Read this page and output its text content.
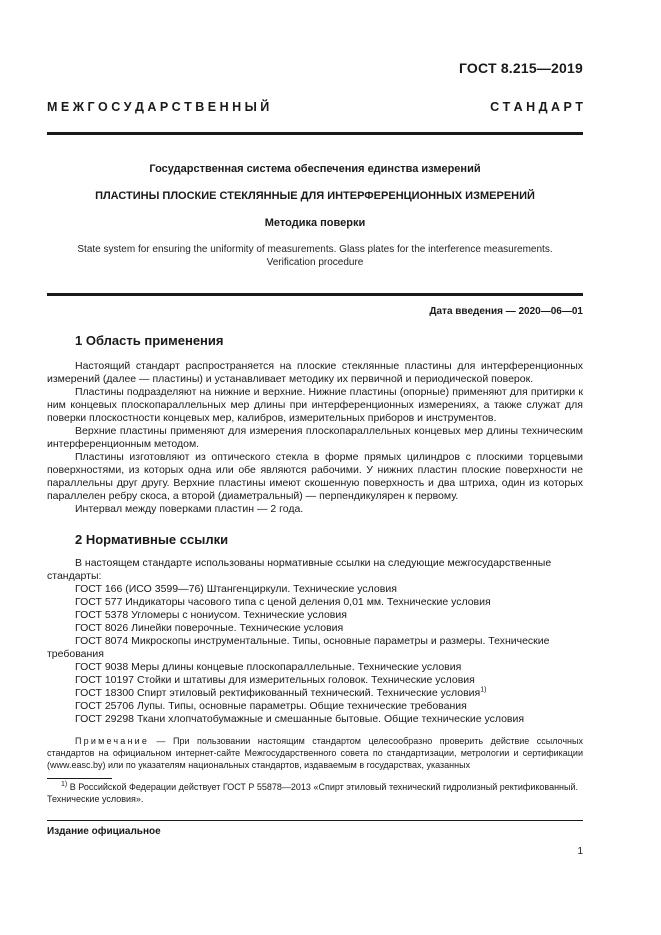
ГОСТ 8.215—2019
М Е Ж Г О С У Д А Р С Т В Е Н Н Ы Й	С Т А Н Д А Р Т
Государственная система обеспечения единства измерений
ПЛАСТИНЫ ПЛОСКИЕ СТЕКЛЯННЫЕ ДЛЯ ИНТЕРФЕРЕНЦИОННЫХ ИЗМЕРЕНИЙ
Методика поверки
State system for ensuring the uniformity of measurements. Glass plates for the interference measurements.
Verification procedure
Дата введения — 2020—06—01
1 Область применения

Настоящий стандарт распространяется на плоские стеклянные пластины для интерференционных измерений (далее — пластины) и устанавливает методику их первичной и периодической поверок.

Пластины подразделяют на нижние и верхние. Нижние пластины (опорные) применяют для притирки к ним концевых плоскопараллельных мер длины при интерференционных измерениях, а также служат для поверки плоскостности концевых мер, калибров, измерительных приборов и инструментов.

Верхние пластины применяют для измерения плоскопараллельных концевых мер длины техническим интерференционным методом.

Пластины изготовляют из оптического стекла в форме прямых цилиндров с плоскими торцевыми поверхностями, из которых одна или обе являются рабочими. У нижних пластин плоские поверхности не параллельны друг другу. Верхние пластины имеют скошенную поверхность и два штриха, один из которых параллелен ребру скоса, а второй (диаметральный) — перпендикулярен к первому.

Интервал между поверками пластин — 2 года.

2 Нормативные ссылки
В настоящем стандарте использованы нормативные ссылки на следующие межгосударственные стандарты:
ГОСТ 166 (ИСО 3599—76) Штангенциркули. Технические условия
ГОСТ 577 Индикаторы часового типа с ценой деления 0,01 мм. Технические условия
ГОСТ 5378 Угломеры с нониусом. Технические условия
ГОСТ 8026 Линейки поверочные. Технические условия
ГОСТ 8074 Микроскопы инструментальные. Типы, основные параметры и размеры. Технические требования
ГОСТ 9038 Меры длины концевые плоскопараллельные. Технические условия
ГОСТ 10197 Стойки и штативы для измерительных головок. Технические условия
ГОСТ 18300 Спирт этиловый ректификованный технический. Технические условия$^{1)}$
ГОСТ 25706 Лупы. Типы, основные параметры. Общие технические требования
ГОСТ 29298 Ткани хлопчатобумажные и смешанные бытовые. Общие технические условия
Примечание — При пользовании настоящим стандартом целесообразно проверить действие ссылочных стандартов на официальном интернет-сайте Межгосударственного совета по стандартизации, метрологии и сертификации (www.easc.by) или по указателям национальных стандартов, издаваемым в государствах, указанных
$^{1)}$ В Российской Федерации действует ГОСТ Р 55878—2013 «Спирт этиловый технический гидролизный ректификованный. Технические условия».
Издание официальное
1
